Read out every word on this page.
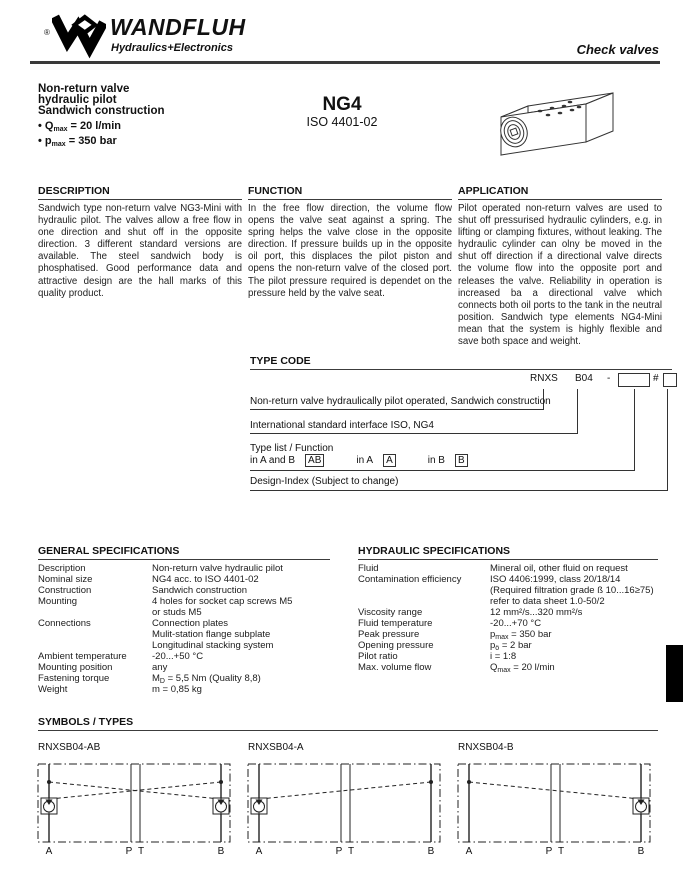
®	WANDFLUH
Hydraulics+Electronics	Check valves
Non-return valve
hydraulic pilot
Sandwich construction
• $Q_{max} = 20$ l/min
• $p_{max} = 350$ bar
NG4
ISO 4401-02
DESCRIPTION
Sandwich type non-return valve NG3-Mini with hydraulic pilot. The valves allow a free flow in one direction and shut off in the opposite direction. 3 different standard versions are available. The steel sandwich body is phosphatised. Good performance data and attractive design are the hall marks of this quality product.
FUNCTION
In the free flow direction, the volume flow opens the valve seat against a spring. The spring helps the valve close in the opposite direction. If pressure builds up in the opposite oil port, this displaces the pilot piston and opens the non-return valve of the closed port. The pilot pressure required is dependet on the pressure held by the valve seat.
APPLICATION
Pilot operated non-return valves are used to shut off pressurised hydraulic cylinders, e.g. in lifting or clamping fixtures, without leaking. The hydraulic cylinder can olny be moved in the shut off direction if a directional valve directs the volume flow into the opposite port and releases the valve. Reliability in operation is increased ba a directional valve which connects both oil ports to the tank in the neutral position. Sandwich type elements NG4-Mini mean that the system is highly flexible and save both space and weight.
TYPE CODE
RNXS B04 -	#
Non-return valve hydraulically pilot operated, Sandwich construction
International standard interface ISO, NG4
Type list / Function
in A and B AB	in A A	in B B
Design-Index (Subject to change)
GENERAL SPECIFICATIONS
Description	Non-return valve hydraulic pilot
Nominal size	NG4 acc. to ISO 4401-02
Construction	Sandwich construction
Mounting	4 holes for socket cap screws M5
or studs M5
Connections	Connection plates
Mulit-station flange subplate
Longitudinal stacking system
Ambient temperature	-20...+50 °C
Mounting position	any
Fastening torque	$M_D = 5,5$ Nm (Quality 8,8)
Weight	m = 0,85 kg
HYDRAULIC SPECIFICATIONS
Fluid	Mineral oil, other fluid on request
Contamination efficiency	ISO 4406:1999, class 20/18/14
(Required filtration grade ß 10...16≥75)
refer to data sheet 1.0-50/2
Viscosity range	12 mm²/s...320 mm²/s
Fluid temperature	-20...+70 °C
Peak pressure	$p_{max} = 350$ bar
Opening pressure	$p_ö = 2$ bar
Pilot ratio	i = 1:8
Max. volume flow	$Q_{max} = 20$ l/min
SYMBOLS / TYPES
RNXSB04-AB	RNXSB04-A	RNXSB04-B
A	P T	B	A	P T	B	A	P T	B
